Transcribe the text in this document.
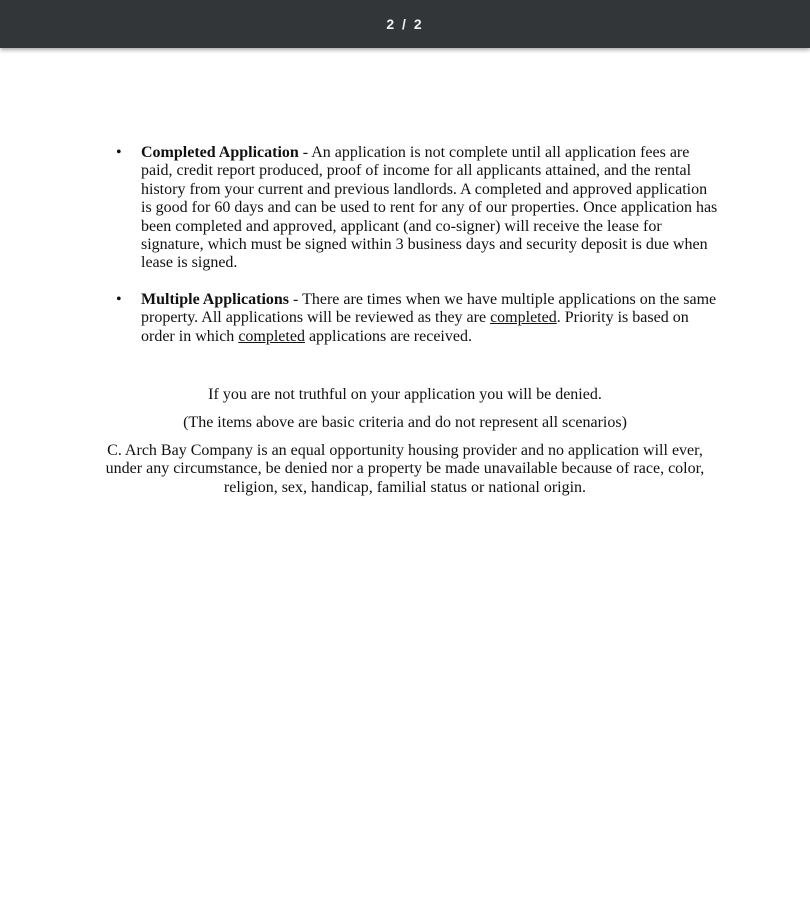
2 / 2
• Completed Application - An application is not complete until all application fees are paid, credit report produced, proof of income for all applicants attained, and the rental history from your current and previous landlords. A completed and approved application is good for 60 days and can be used to rent for any of our properties. Once application has been completed and approved, applicant (and co-signer) will receive the lease for signature, which must be signed within 3 business days and security deposit is due when lease is signed.
• Multiple Applications - There are times when we have multiple applications on the same property. All applications will be reviewed as they are completed. Priority is based on order in which completed applications are received.

If you are not truthful on your application you will be denied.

(The items above are basic criteria and do not represent all scenarios)

C. Arch Bay Company is an equal opportunity housing provider and no application will ever, under any circumstance, be denied nor a property be made unavailable because of race, color, religion, sex, handicap, familial status or national origin.
